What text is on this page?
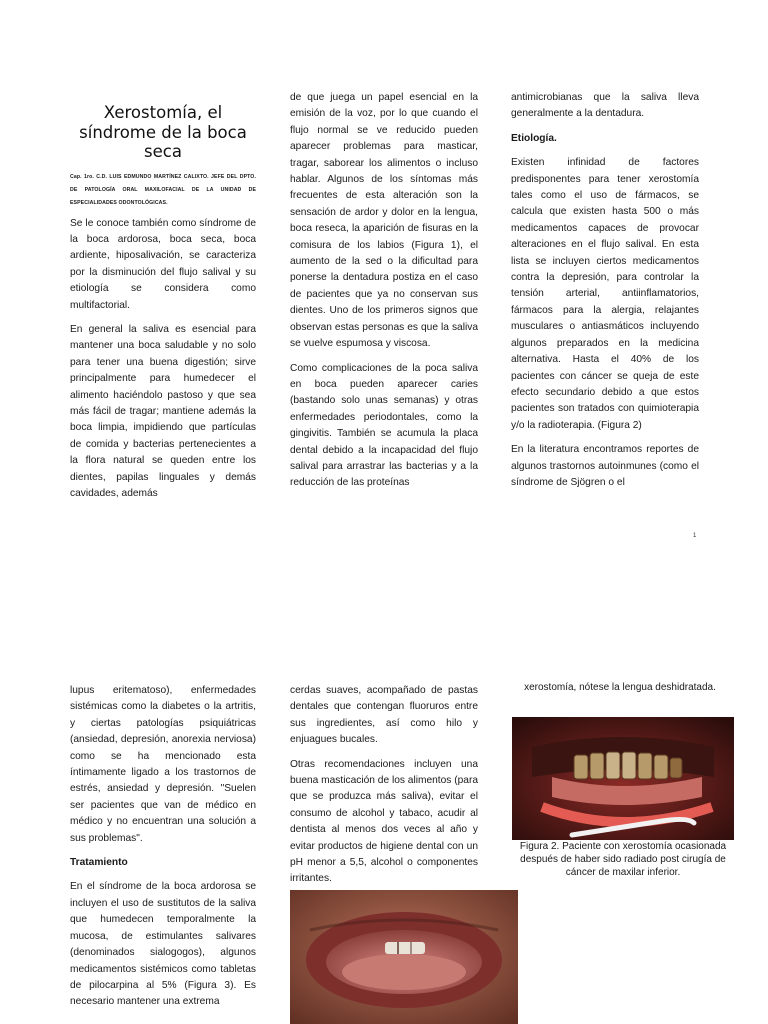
Xerostomía, el síndrome de la boca seca
Cap. 1ro. C.D. LUIS EDMUNDO MARTÍNEZ CALIXTO. JEFE DEL DPTO. DE PATOLOGÍA ORAL MAXILOFACIAL DE LA UNIDAD DE ESPECIALIDADES ODONTOLÓGICAS.

Se le conoce también como síndrome de la boca ardorosa, boca seca, boca ardiente, hiposalivación, se caracteriza por la disminución del flujo salival y su etiología se considera como multifactorial.

En general la saliva es esencial para mantener una boca saludable y no solo para tener una buena digestión; sirve principalmente para humedecer el alimento haciéndolo pastoso y que sea más fácil de tragar; mantiene además la boca limpia, impidiendo que partículas de comida y bacterias pertenecientes a la flora natural se queden entre los dientes, papilas linguales y demás cavidades, además

de que juega un papel esencial en la emisión de la voz, por lo que cuando el flujo normal se ve reducido pueden aparecer problemas para masticar, tragar, saborear los alimentos o incluso hablar. Algunos de los síntomas más frecuentes de esta alteración son la sensación de ardor y dolor en la lengua, boca reseca, la aparición de fisuras en la comisura de los labios (Figura 1), el aumento de la sed o la dificultad para ponerse la dentadura postiza en el caso de pacientes que ya no conservan sus dientes. Uno de los primeros signos que observan estas personas es que la saliva se vuelve espumosa y viscosa.

Como complicaciones de la poca saliva en boca pueden aparecer caries (bastando solo unas semanas) y otras enfermedades periodontales, como la gingivitis. También se acumula la placa dental debido a la incapacidad del flujo salival para arrastrar las bacterias y a la reducción de las proteínas

antimicrobianas que la saliva lleva generalmente a la dentadura.

Etiología.

Existen infinidad de factores predisponentes para tener xerostomía tales como el uso de fármacos, se calcula que existen hasta 500 o más medicamentos capaces de provocar alteraciones en el flujo salival. En esta lista se incluyen ciertos medicamentos contra la depresión, para controlar la tensión arterial, antiinflamatorios, fármacos para la alergia, relajantes musculares o antiasmáticos incluyendo algunos preparados en la medicina alternativa. Hasta el 40% de los pacientes con cáncer se queja de este efecto secundario debido a que estos pacientes son tratados con quimioterapia y/o la radioterapia. (Figura 2)

En la literatura encontramos reportes de algunos trastornos autoinmunes (como el síndrome de Sjögren o el

1

lupus eritematoso), enfermedades sistémicas como la diabetes o la artritis, y ciertas patologías psiquiátricas (ansiedad, depresión, anorexia nerviosa) como se ha mencionado esta íntimamente ligado a los trastornos de estrés, ansiedad y depresión. "Suelen ser pacientes que van de médico en médico y no encuentran una solución a sus problemas".

Tratamiento

En el síndrome de la boca ardorosa se incluyen el uso de sustitutos de la saliva que humedecen temporalmente la mucosa, de estimulantes salivares (denominados sialogogos), algunos medicamentos sistémicos como tabletas de pilocarpina al 5% (Figura 3). Es necesario mantener una extrema

cerdas suaves, acompañado de pastas dentales que contengan fluoruros entre sus ingredientes, así como hilo y enjuagues bucales.

Otras recomendaciones incluyen una buena masticación de los alimentos (para que se produzca más saliva), evitar el consumo de alcohol y tabaco, acudir al dentista al menos dos veces al año y evitar productos de higiene dental con un pH menor a 5,5, alcohol o componentes irritantes.

xerostomía, nótese la lengua deshidratada.
Figura 2. Paciente con xerostomía ocasionada después de haber sido radiado post cirugía de cáncer de maxilar inferior.
